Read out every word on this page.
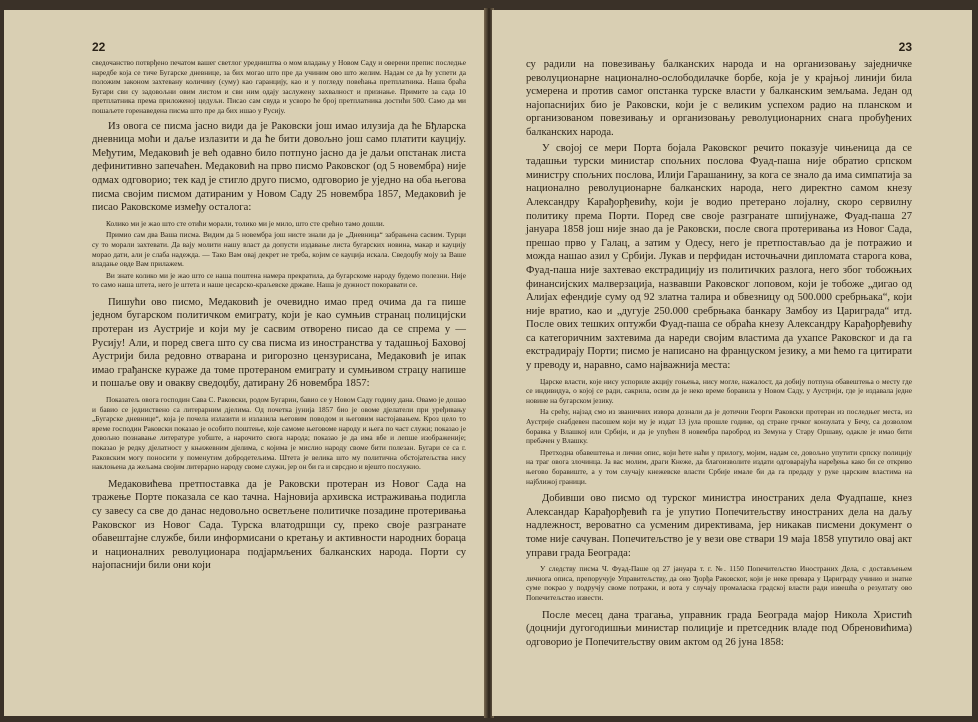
22

сведочанство потврђено печатом вашег светлог уредништва о мом владању у Новом Саду и оверени препис последње наредбе која се тиче Бугарске дневнице, за бих могао што пре да учиним ово што желим. Надам се да ћу успети да положим законом захтевану количину (суму) као гаранцију, као и у погледу повећања претплатника. Наша браћа Бугари сви су задовољни овим листом и сви ним одају заслужену захвалност и признање. Примите за сада 10 претплатника према приложеној цедуљи. Писао сам свуда и усворо ће број претплатника достићи 500. Само да ми пошаљете горенаведена писма што пре да бих ишао у Русију.

Из овога се писма јасно види да је Раковски још имао илузија да ће Бђларска дневница моћи и даље излазити и да ће бити довољно још само платити кауцију. Међутим, Медаковић је већ одавно било потпуно јасно да је даљи опстанак листа дефинитивно запечаћен. Медаковић на прво писмо Раковског (од 5 новембра) није одмах одговорио; тек кад је стигло друго писмо, одговорио је уједно на оба његова писма својим писмом датираним у Новом Саду 25 новембра 1857, Медаковић је писао Раковскоме између осталога:

Колико ми је жао што сте отићи морали, толико ми је мило, што сте срећно тамо дошли.

Примио сам два Ваша писма. Видим да 5 новембра још нисте знали да је „Дневница“ забрањена сасвим. Турци су то морали захтевати. Да вају молити нашу власт да допусти издавање листа бугарских новина, макар и кауцију морао дати, али је слаба надежда. — Тако Вам овај декрет не треба, којим се кауција искала. Сведоџбу мојy за Ваше владање овде Вам прилажем.

Ви знате колико ми је жао што се наша поштена намера прекратила, да бугарскоме народу будемо полезни. Није то само наша штета, него је штета и наше цесарско-краљевске државе. Наша је дужност покоравати се.

Пишући ово писмо, Медаковић је очевидно имао пред очима да га пише једном бугарском политичком емиграту, који је као сумњив странац полицијски протеран из Аустрије и који му је сасвим отворено писао да се спрема у — Русију! Али, и поред свега што су сва писма из иностранства у тадашњој Баховој Аустрији била редовно отварана и ригорозно цензурисана, Медаковић је ипак имао грађанске кураже да томе протераном емиграту и сумњивом страцу напише и пошаље ову и овакву сведоџбу, датирану 26 новембра 1857:

Показатељ овога господин Сава С. Раковски, родом Бугарин, бавио се у Новом Саду годину дана. Овамо је дошао и бавио се једииствено са литерарним дјелима. Од почетка јунија 1857 био је овоме дјелатели при уређивању „Бугарске дневнице“, која је почела излазити и излазила његовим повoдом и његовим настојавањем. Кроз цело то време господин Раковски показао је особито поштење, које самоме његовоме народу и њега по част служи; показао је довољно познавање литературе уобште, а нарочито свога народа; показао је да има вбе и лепше изображеније; показао је редку дјелатност у књижевним дјелима, с којима је мислио народу своме бити полезан. Бугари се са г. Раковским могу поносити у поменутим добродетељима. Штета је велика што му политична обстојатељства нису наклоњена да жељама својим литерарно народу своме служи, јер он би га и сврсдно и вјешто послужио.

Медаковићева претпоставка да је Раковски протеран из Новог Сада на тражење Порте показала се као тачна. Најновија архивска истраживања подигла су завесу са све до данас недовољно осветљене политичке позадине протеривања Раковског из Новог Сада. Турска влатодршци су, преко своје разгранате обавештајне службе, били информисани о кретању и активности народних бораца и националних револуционара подјармљених балканских народа. Порти су најопаснији били они који

23

су радили на повезивању балканских народа и на организовању заједничке револуционарне национално-ослободилачке борбе, која је у крајњој линији била усмерена и против самог опстанка турске власти у балканским земљама. Један од најопаснијих био је Раковски, који је с великим успехом радио на планском и организованом повезивању и организовању револуционарних снага пробуђених балканских народа.

У својој се мери Порта бојала Раковског речито показује чињеница да се тадашњи турски министар спољних послова Фуад-паша није обратио српском министру спољних послова, Илији Гарашанину, за кога се знало да има симпатија за национално револуционарне балканских народа, него директно самом кнезу Александру Карађорђевићу, који је водио претерано лојалну, скоро сервилну политику према Порти. Поред све своје разгранате шпијунаже, Фуад-паша 27 јануара 1858 још није знао да је Раковски, после свога протеривања из Новог Сада, прешао прво у Галац, а затим у Одесу, него је претпостављао да је потражио и можда нашао азил у Србији. Лукав и перфидан источњачни дипломата старога кова, Фуад-паша није захтевао екстрадицију из политичких разлога, него због тобожњих финансијских малверзација, назвавши Раковског лоповом, који је тобоже „дигао од Алијах ефендије суму од 92 златна талира и обвезницу од 500.000 сребрњака“, који није вратио, као и „дугује 250.000 сребрњака банкару Замбоу из Цариграда“ итд. После ових тешких оптужби Фуад-паша се обраћа кнезу Александру Карађорђевићу са категоричним захтевима да нареди својим властима да ухапсе Раковског и да га екстрадирају Порти; писмо је написано на француском језику, а ми ћемо га цитирати у преводу и, наравно, само најважнија места:

Царске власти, које нису успориле акцију гоњења, нису могле, нажалост, да добију потпуна обавештења о месту где се индивидуа, о којој се ради, сакрила, осим да је неко време боравила у Новом Саду, у Аустрији, где је издавала једне новине на бугарском језику.

На срећу, најзад смо из званичних извора дознали да је дотични Георги Раковски протеран из последњег места, из Аустрије снабдевен пасошем који му је издат 13 јула прошле године, од стране грчког конзулата у Бечу, са дозволом боравка у Влашкој или Србији, и да је упућен 8 новембра пароброд из Земуна у Стару Оршаву, одакле је имао бити пребачен у Влашку.

Претходна обавештења и лични опис, који ћете наћи у прилогу, мојим, надам се, довољно упутити српску полицију на траг овога злочинца. Јa вас молим, драги Кнеже, да благоизволите издати одговарајућа наређења како би се откриво његово боравиште, а у том случају кнежевске власти Србије имале би да га предаду у руке царским властима на најближој граници.

Добивши ово писмо од турског министра иностраних дела Фуадпаше, кнез Александар Карађорђевић га је упутио Попечитељству иностраних дела на даљу надлежност, вероватно са усменим директивама, јер никакав писмени документ о томе није сачуван. Попечитељство је у вези ове ствари 19 маја 1858 упутило овај акт управи града Београда:

У следству писма Ч. Фуад-Паше од 27 јануара т. г. №. 1150 Попечитељство Иностраних Дела, с достављењем личнога описа, препоручује Управитељству, да оно Ђорђа Раковског, који је неке превара у Цариграду учинио и знатне суме покрао у подручју своме потражи, и вота у случају промаласка градској власти ради извешћа о резултату ово Попечитељство извести.

После месец дана трагања, управник града Београда мајор Никола Христић (доцнији дугогодишњи министар полиције и претседник владе под Обреновићима) одговорио је Попечитељству овим актом од 26 јуна 1858:
